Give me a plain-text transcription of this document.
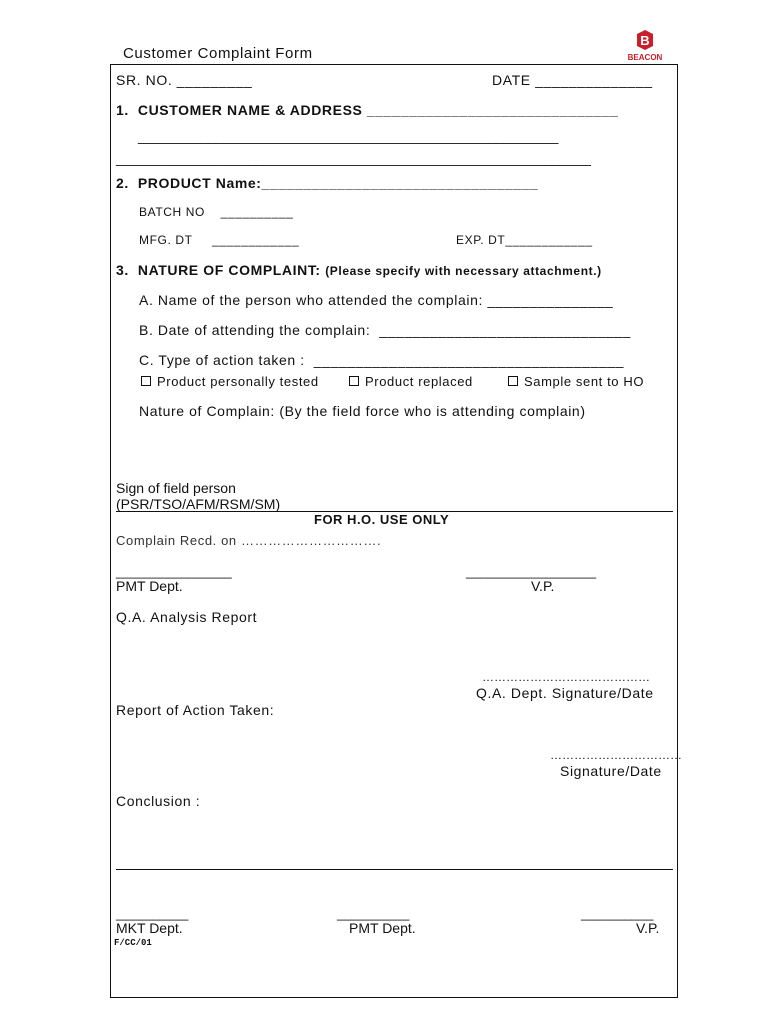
Customer Complaint Form
B
BEACON
SR. NO. _________	DATE ______________
1.  CUSTOMER NAME & ADDRESS ______________________________
______________________________________________________
_____________________________________________________________
2.  PRODUCT Name:_________________________________
BATCH NO    __________
MFG. DT     ____________	EXP. DT____________
3.  NATURE OF COMPLAINT: (Please specify with necessary attachment.)
A. Name of the person who attended the complain: _______________
B. Date of attending the complain:  ______________________________
C. Type of action taken :  _____________________________________
Product personally tested	Product replaced	Sample sent to HO
Nature of Complain: (By the field force who is attending complain)
Sign of field person
(PSR/TSO/AFM/RSM/SM)
FOR H.O. USE ONLY
Complain Recd. on ………………………….
________________	__________________
PMT Dept.	V.P.
Q.A. Analysis Report
……………………………………
Q.A. Dept. Signature/Date
Report of Action Taken:
……………………………
Signature/Date
Conclusion :
__________	__________	__________
MKT Dept.	PMT Dept.	V.P.
F/CC/01
